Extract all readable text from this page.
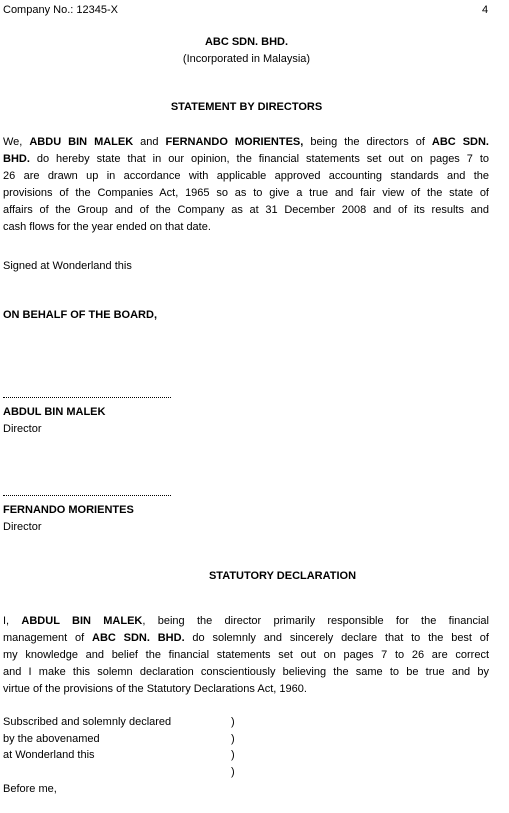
Company No.: 12345-X	4
ABC SDN. BHD.
(Incorporated in Malaysia)
STATEMENT BY DIRECTORS
We, ABDU BIN MALEK and FERNANDO MORIENTES, being the directors of ABC SDN.
BHD. do hereby state that in our opinion, the financial statements set out on pages 7 to
26 are drawn up in accordance with applicable approved accounting standards and the
provisions of the Companies Act, 1965 so as to give a true and fair view of the state of
affairs of the Group and of the Company as at 31 December 2008 and of its results and
cash flows for the year ended on that date.
Signed at Wonderland this
ON BEHALF OF THE BOARD,
ABDUL BIN MALEK
Director
FERNANDO MORIENTES
Director
STATUTORY DECLARATION
I, ABDUL BIN MALEK, being the director primarily responsible for the financial
management of ABC SDN. BHD. do solemnly and sincerely declare that to the best of
my knowledge and belief the financial statements set out on pages 7 to 26 are correct
and I make this solemn declaration conscientiously believing the same to be true and by
virtue of the provisions of the Statutory Declarations Act, 1960.
Subscribed and solemnly declared
by the abovenamed
at Wonderland this
)
)
)
)
Before me,
